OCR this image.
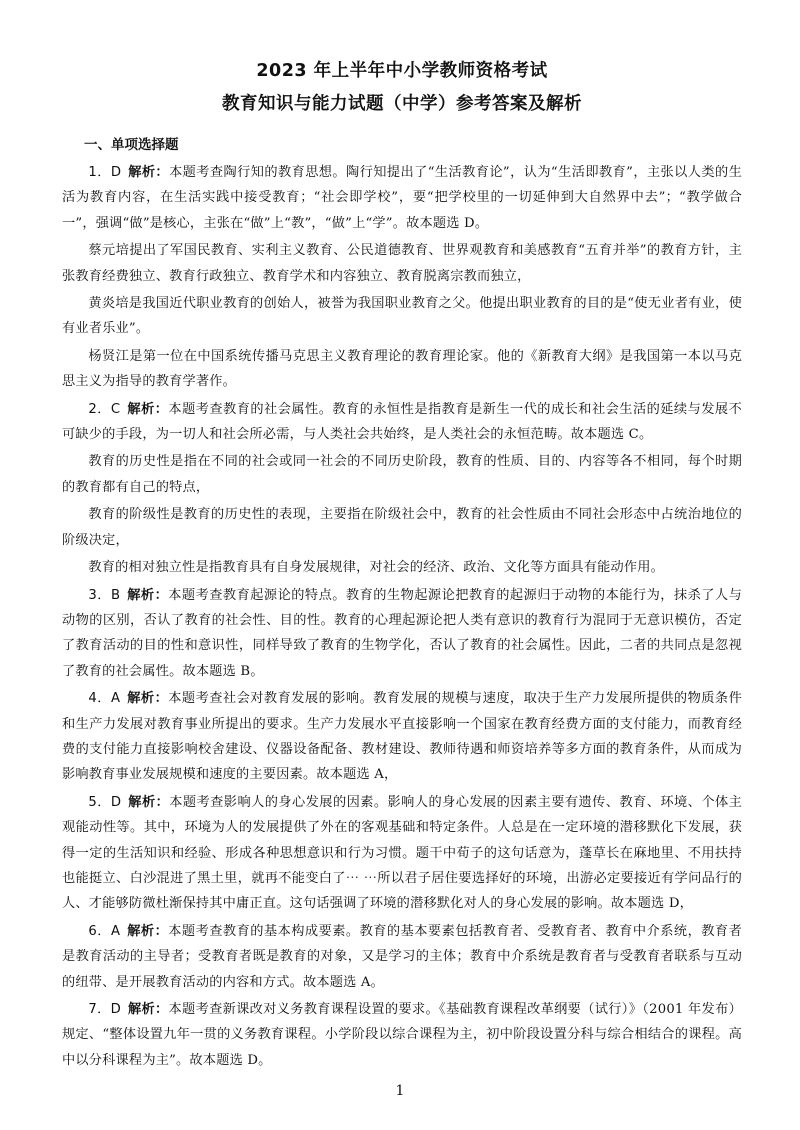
2023 年上半年中小学教师资格考试
教育知识与能力试题（中学）参考答案及解析
一、单项选择题

1．D  解析：本题考查陶行知的教育思想。陶行知提出了“生活教育论”，认为“生活即教育”，主张以人类的生活为教育内容，在生活实践中接受教育；“社会即学校”，要“把学校里的一切延伸到大自然界中去”；“教学做合一”，强调“做”是核心，主张在“做”上“教”，“做”上“学”。故本题选 D。

蔡元培提出了军国民教育、实利主义教育、公民道德教育、世界观教育和美感教育“五育并举”的教育方针，主张教育经费独立、教育行政独立、教育学术和内容独立、教育脱离宗教而独立，

黄炎培是我国近代职业教育的创始人，被誉为我国职业教育之父。他提出职业教育的目的是“使无业者有业，使有业者乐业”。

杨贤江是第一位在中国系统传播马克思主义教育理论的教育理论家。他的《新教育大纲》是我国第一本以马克思主义为指导的教育学著作。

2．C  解析：本题考查教育的社会属性。教育的永恒性是指教育是新生一代的成长和社会生活的延续与发展不可缺少的手段，为一切人和社会所必需，与人类社会共始终，是人类社会的永恒范畴。故本题选 C。

教育的历史性是指在不同的社会或同一社会的不同历史阶段，教育的性质、目的、内容等各不相同，每个时期的教育都有自己的特点，

教育的阶级性是教育的历史性的表现，主要指在阶级社会中，教育的社会性质由不同社会形态中占统治地位的阶级决定，

教育的相对独立性是指教育具有自身发展规律，对社会的经济、政治、文化等方面具有能动作用。

3．B  解析：本题考查教育起源论的特点。教育的生物起源论把教育的起源归于动物的本能行为，抹杀了人与动物的区别，否认了教育的社会性、目的性。教育的心理起源论把人类有意识的教育行为混同于无意识模仿，否定了教育活动的目的性和意识性，同样导致了教育的生物学化，否认了教育的社会属性。因此，二者的共同点是忽视了教育的社会属性。故本题选 B。

4．A  解析：本题考查社会对教育发展的影响。教育发展的规模与速度，取决于生产力发展所提供的物质条件和生产力发展对教育事业所提出的要求。生产力发展水平直接影响一个国家在教育经费方面的支付能力，而教育经费的支付能力直接影响校舍建设、仪器设备配备、教材建设、教师待遇和师资培养等多方面的教育条件，从而成为影响教育事业发展规模和速度的主要因素。故本题选 A，

5．D  解析：本题考查影响人的身心发展的因素。影响人的身心发展的因素主要有遗传、教育、环境、个体主观能动性等。其中，环境为人的发展提供了外在的客观基础和特定条件。人总是在一定环境的潜移默化下发展，获得一定的生活知识和经验、形成各种思想意识和行为习惯。题干中荀子的这句话意为，蓬草长在麻地里、不用扶持也能挺立、白沙混进了黑土里，就再不能变白了⋯ ⋯所以君子居住要选择好的环境，出游必定要接近有学问品行的人、才能够防微杜渐保持其中庸正直。这句话强调了环境的潜移默化对人的身心发展的影响。故本题选 D，

6．A  解析：本题考查教育的基本构成要素。教育的基本要素包括教育者、受教育者、教育中介系统，教育者是教育活动的主导者；受教育者既是教育的对象，又是学习的主体；教育中介系统是教育者与受教育者联系与互动的纽带、是开展教育活动的内容和方式。故本题选 A。

7．D  解析：本题考查新课改对义务教育课程设置的要求。《基础教育课程改革纲要（试行）》（2001 年发布）规定、“整体设置九年一贯的义务教育课程。小学阶段以综合课程为主，初中阶段设置分科与综合相结合的课程。高中以分科课程为主”。故本题选 D。

1
